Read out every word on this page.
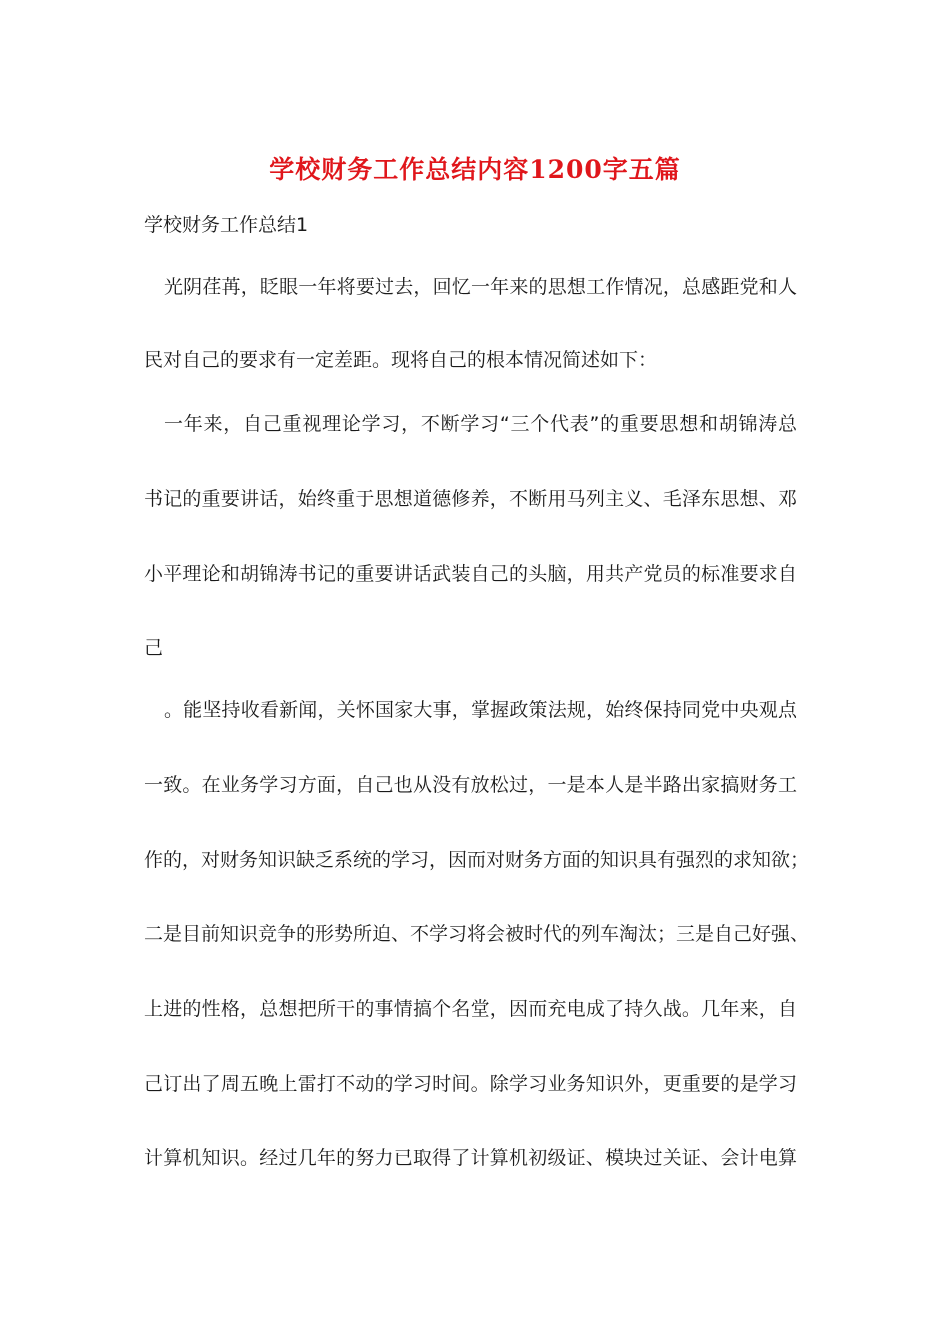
学校财务工作总结内容1200字五篇
学校财务工作总结1
光阴荏苒，眨眼一年将要过去，回忆一年来的思想工作情况，总感距党和人
民对自己的要求有一定差距。现将自己的根本情况简述如下：
一年来，自己重视理论学习，不断学习“三个代表”的重要思想和胡锦涛总
书记的重要讲话，始终重于思想道德修养，不断用马列主义、毛泽东思想、邓
小平理论和胡锦涛书记的重要讲话武装自己的头脑，用共产党员的标准要求自
己
。能坚持收看新闻，关怀国家大事，掌握政策法规，始终保持同党中央观点
一致。在业务学习方面，自己也从没有放松过，一是本人是半路出家搞财务工
作的，对财务知识缺乏系统的学习，因而对财务方面的知识具有强烈的求知欲；
二是目前知识竞争的形势所迫、不学习将会被时代的列车淘汰；三是自己好强、
上进的性格，总想把所干的事情搞个名堂，因而充电成了持久战。几年来，自
己订出了周五晚上雷打不动的学习时间。除学习业务知识外，更重要的是学习
计算机知识。经过几年的努力已取得了计算机初级证、模块过关证、会计电算
